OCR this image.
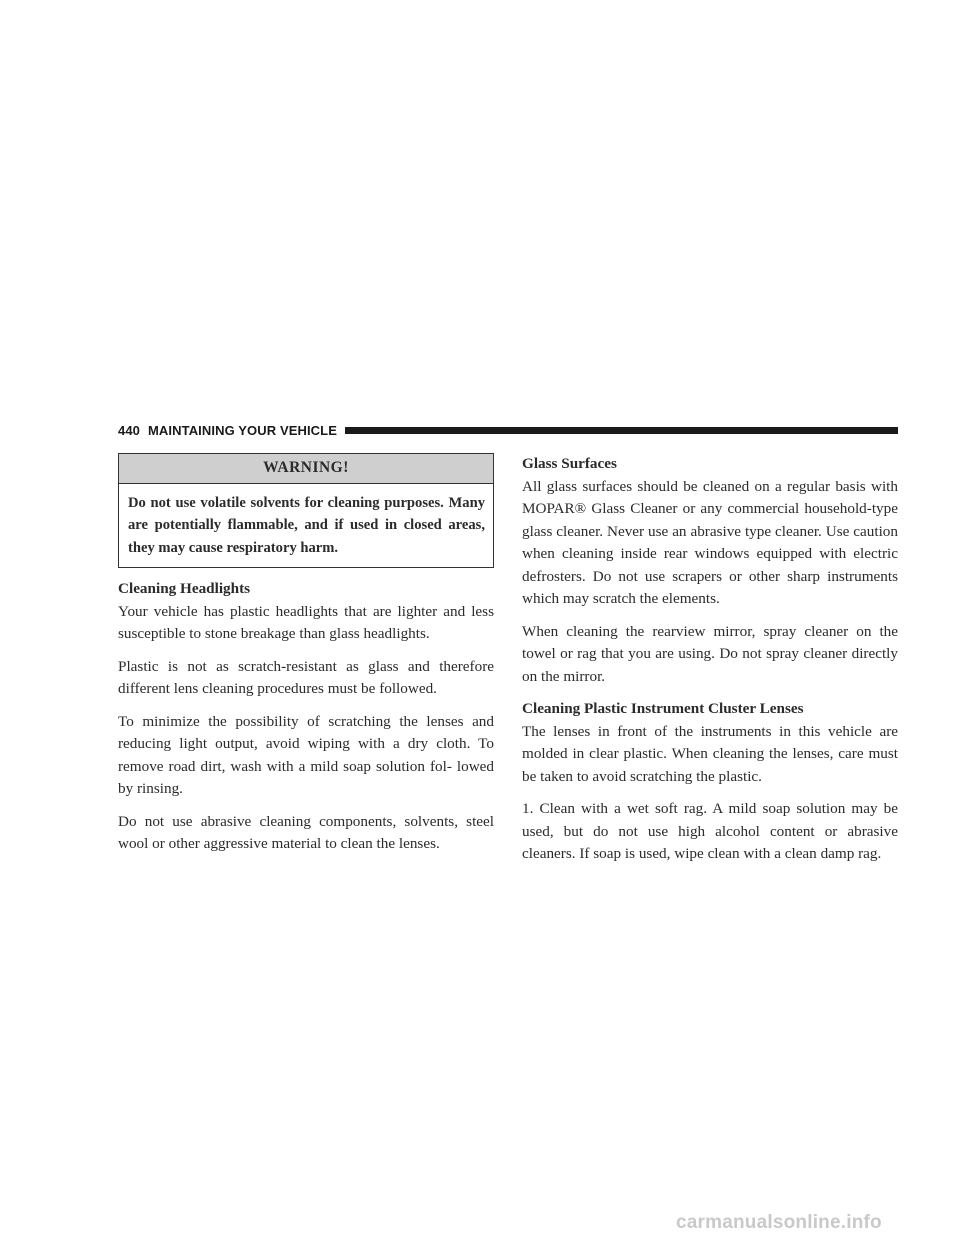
440 MAINTAINING YOUR VEHICLE
WARNING!
Do not use volatile solvents for cleaning purposes. Many are potentially flammable, and if used in closed areas, they may cause respiratory harm.
Cleaning Headlights

Your vehicle has plastic headlights that are lighter and less susceptible to stone breakage than glass headlights.

Plastic is not as scratch-resistant as glass and therefore different lens cleaning procedures must be followed.

To minimize the possibility of scratching the lenses and reducing light output, avoid wiping with a dry cloth. To remove road dirt, wash with a mild soap solution fol- lowed by rinsing.

Do not use abrasive cleaning components, solvents, steel wool or other aggressive material to clean the lenses.

Glass Surfaces

All glass surfaces should be cleaned on a regular basis with MOPAR® Glass Cleaner or any commercial household-type glass cleaner. Never use an abrasive type cleaner. Use caution when cleaning inside rear windows equipped with electric defrosters. Do not use scrapers or other sharp instruments which may scratch the elements.

When cleaning the rearview mirror, spray cleaner on the towel or rag that you are using. Do not spray cleaner directly on the mirror.

Cleaning Plastic Instrument Cluster Lenses

The lenses in front of the instruments in this vehicle are molded in clear plastic. When cleaning the lenses, care must be taken to avoid scratching the plastic.

1. Clean with a wet soft rag. A mild soap solution may be used, but do not use high alcohol content or abrasive cleaners. If soap is used, wipe clean with a clean damp rag.

carmanualsonline.info
